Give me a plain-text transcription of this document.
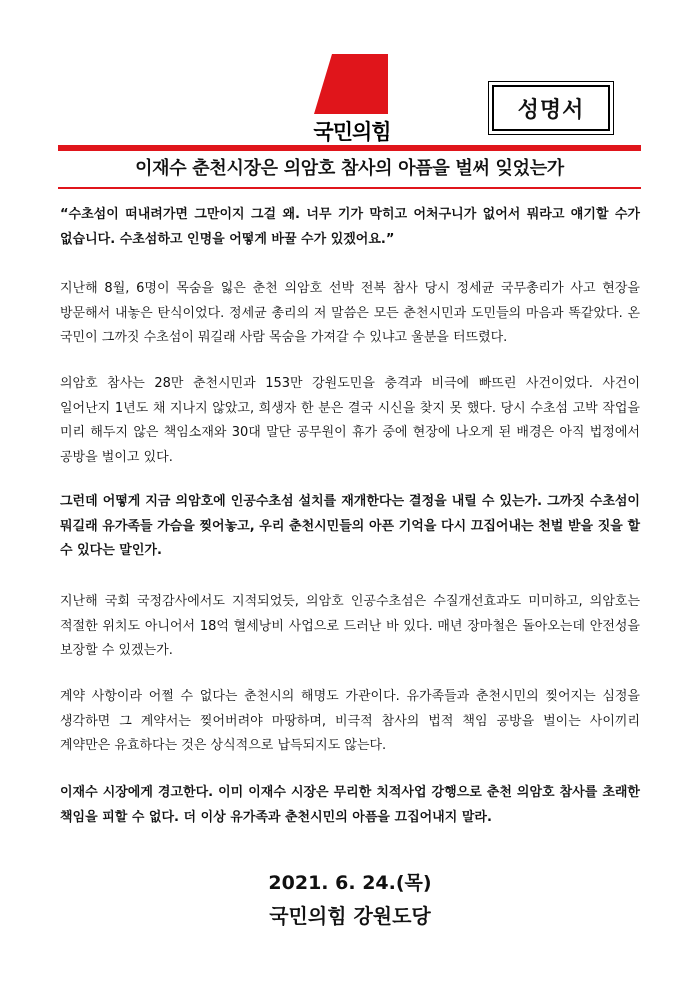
국민의힘
성명서
이재수 춘천시장은 의암호 참사의 아픔을 벌써 잊었는가

“수초섬이 떠내려가면 그만이지 그걸 왜. 너무 기가 막히고 어처구니가 없어서 뭐라고 얘기할 수가 없습니다. 수초섬하고 인명을 어떻게 바꿀 수가 있겠어요.”

지난해 8월, 6명이 목숨을 잃은 춘천 의암호 선박 전복 참사 당시 정세균 국무총리가 사고 현장을 방문해서 내놓은 탄식이었다. 정세균 총리의 저 말씀은 모든 춘천시민과 도민들의 마음과 똑같았다. 온 국민이 그까짓 수초섬이 뭐길래 사람 목숨을 가져갈 수 있냐고 울분을 터뜨렸다.

의암호 참사는 28만 춘천시민과 153만 강원도민을 충격과 비극에 빠뜨린 사건이었다. 사건이 일어난지 1년도 채 지나지 않았고, 희생자 한 분은 결국 시신을 찾지 못 했다. 당시 수초섬 고박 작업을 미리 해두지 않은 책임소재와 30대 말단 공무원이 휴가 중에 현장에 나오게 된 배경은 아직 법정에서 공방을 벌이고 있다.

그런데 어떻게 지금 의암호에 인공수초섬 설치를 재개한다는 결정을 내릴 수 있는가. 그까짓 수초섬이 뭐길래 유가족들 가슴을 찢어놓고, 우리 춘천시민들의 아픈 기억을 다시 끄집어내는 천벌 받을 짓을 할 수 있다는 말인가.

지난해 국회 국정감사에서도 지적되었듯, 의암호 인공수초섬은 수질개선효과도 미미하고, 의암호는 적절한 위치도 아니어서 18억 혈세낭비 사업으로 드러난 바 있다. 매년 장마철은 돌아오는데 안전성을 보장할 수 있겠는가.

계약 사항이라 어쩔 수 없다는 춘천시의 해명도 가관이다. 유가족들과 춘천시민의 찢어지는 심정을 생각하면 그 계약서는 찢어버려야 마땅하며, 비극적 참사의 법적 책임 공방을 벌이는 사이끼리 계약만은 유효하다는 것은 상식적으로 납득되지도 않는다.

이재수 시장에게 경고한다. 이미 이재수 시장은 무리한 치적사업 강행으로 춘천 의암호 참사를 초래한 책임을 피할 수 없다. 더 이상 유가족과 춘천시민의 아픔을 끄집어내지 말라.

2021. 6. 24.(목)
국민의힘 강원도당
